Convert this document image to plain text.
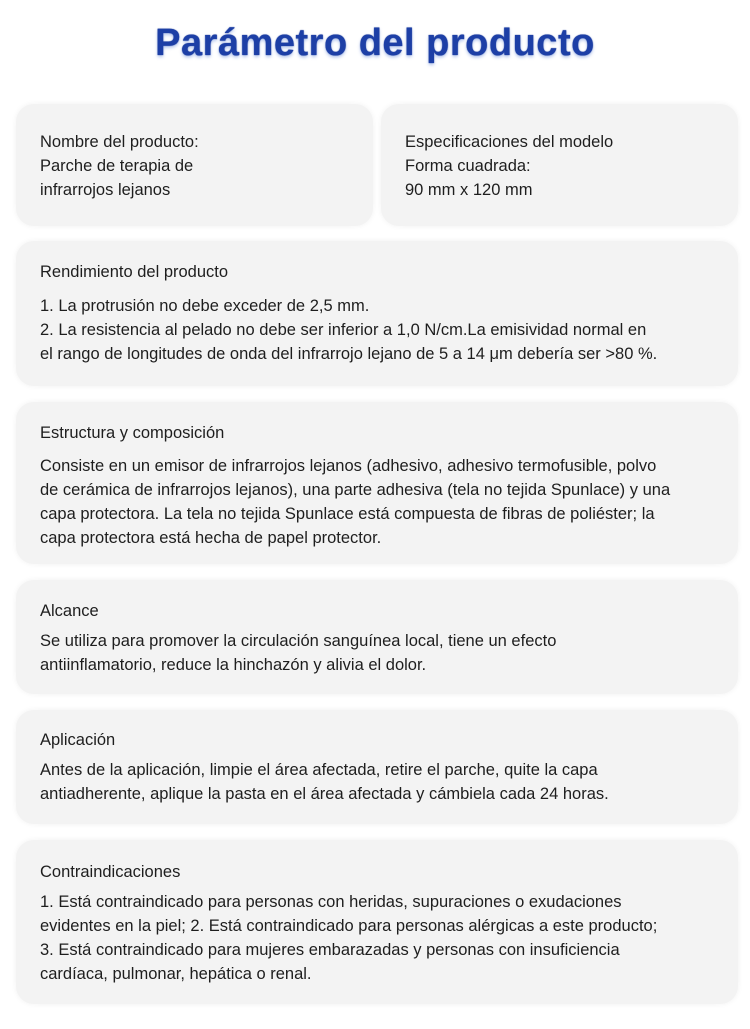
Parámetro del producto
Nombre del producto:
Parche de terapia de
infrarrojos lejanos
Especificaciones del modelo
Forma cuadrada:
90 mm x 120 mm
Rendimiento del producto
1. La protrusión no debe exceder de 2,5 mm.
2. La resistencia al pelado no debe ser inferior a 1,0 N/cm.La emisividad normal en
el rango de longitudes de onda del infrarrojo lejano de 5 a 14 μm debería ser >80 %.
Estructura y composición
Consiste en un emisor de infrarrojos lejanos (adhesivo, adhesivo termofusible, polvo
de cerámica de infrarrojos lejanos), una parte adhesiva (tela no tejida Spunlace) y una
capa protectora. La tela no tejida Spunlace está compuesta de fibras de poliéster; la
capa protectora está hecha de papel protector.
Alcance
Se utiliza para promover la circulación sanguínea local, tiene un efecto
antiinflamatorio, reduce la hinchazón y alivia el dolor.
Aplicación
Antes de la aplicación, limpie el área afectada, retire el parche, quite la capa
antiadherente, aplique la pasta en el área afectada y cámbiela cada 24 horas.
Contraindicaciones
1. Está contraindicado para personas con heridas, supuraciones o exudaciones
evidentes en la piel; 2. Está contraindicado para personas alérgicas a este producto;
3. Está contraindicado para mujeres embarazadas y personas con insuficiencia
cardíaca, pulmonar, hepática o renal.
